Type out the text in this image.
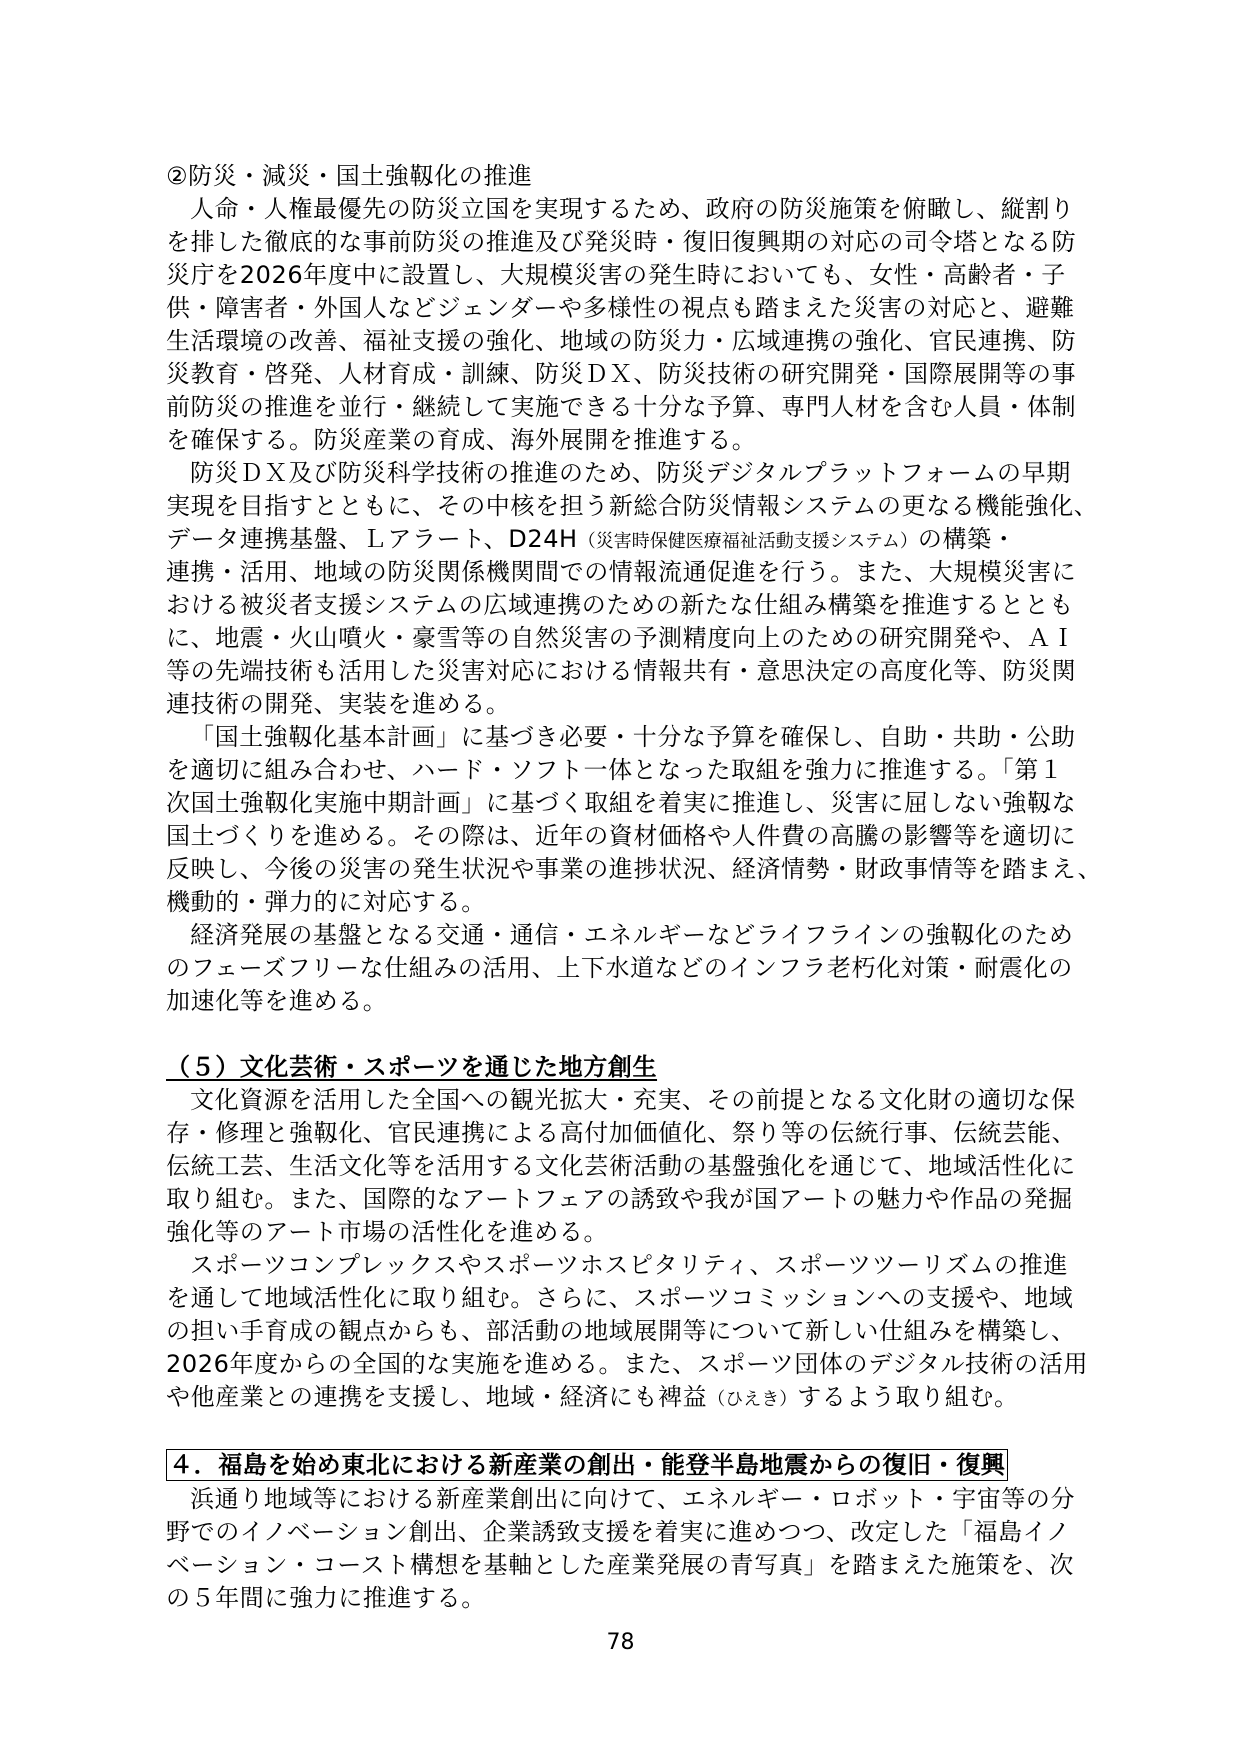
②防災・減災・国土強靱化の推進
人命・人権最優先の防災立国を実現するため、政府の防災施策を俯瞰し、縦割り
を排した徹底的な事前防災の推進及び発災時・復旧復興期の対応の司令塔となる防
災庁を2026年度中に設置し、大規模災害の発生時においても、女性・高齢者・子
供・障害者・外国人などジェンダーや多様性の視点も踏まえた災害の対応と、避難
生活環境の改善、福祉支援の強化、地域の防災力・広域連携の強化、官民連携、防
災教育・啓発、人材育成・訓練、防災ＤＸ、防災技術の研究開発・国際展開等の事
前防災の推進を並行・継続して実施できる十分な予算、専門人材を含む人員・体制
を確保する。防災産業の育成、海外展開を推進する。
防災ＤＸ及び防災科学技術の推進のため、防災デジタルプラットフォームの早期
実現を目指すとともに、その中核を担う新総合防災情報システムの更なる機能強化、
データ連携基盤、Ｌアラート、D24H（災害時保健医療福祉活動支援システム）の構築・
連携・活用、地域の防災関係機関間での情報流通促進を行う。また、大規模災害に
おける被災者支援システムの広域連携のための新たな仕組み構築を推進するととも
に、地震・火山噴火・豪雪等の自然災害の予測精度向上のための研究開発や、ＡＩ
等の先端技術も活用した災害対応における情報共有・意思決定の高度化等、防災関
連技術の開発、実装を進める。
「国土強靱化基本計画」に基づき必要・十分な予算を確保し、自助・共助・公助
を適切に組み合わせ、ハード・ソフト一体となった取組を強力に推進する。「第１
次国土強靱化実施中期計画」に基づく取組を着実に推進し、災害に屈しない強靱な
国土づくりを進める。その際は、近年の資材価格や人件費の高騰の影響等を適切に
反映し、今後の災害の発生状況や事業の進捗状況、経済情勢・財政事情等を踏まえ、
機動的・弾力的に対応する。
経済発展の基盤となる交通・通信・エネルギーなどライフラインの強靱化のため
のフェーズフリーな仕組みの活用、上下水道などのインフラ老朽化対策・耐震化の
加速化等を進める。
（５）文化芸術・スポーツを通じた地方創生
文化資源を活用した全国への観光拡大・充実、その前提となる文化財の適切な保
存・修理と強靱化、官民連携による高付加価値化、祭り等の伝統行事、伝統芸能、
伝統工芸、生活文化等を活用する文化芸術活動の基盤強化を通じて、地域活性化に
取り組む。また、国際的なアートフェアの誘致や我が国アートの魅力や作品の発掘
強化等のアート市場の活性化を進める。
スポーツコンプレックスやスポーツホスピタリティ、スポーツツーリズムの推進
を通して地域活性化に取り組む。さらに、スポーツコミッションへの支援や、地域
の担い手育成の観点からも、部活動の地域展開等について新しい仕組みを構築し、
2026年度からの全国的な実施を進める。また、スポーツ団体のデジタル技術の活用
や他産業との連携を支援し、地域・経済にも裨益（ひえき）するよう取り組む。
４．福島を始め東北における新産業の創出・能登半島地震からの復旧・復興
浜通り地域等における新産業創出に向けて、エネルギー・ロボット・宇宙等の分
野でのイノベーション創出、企業誘致支援を着実に進めつつ、改定した「福島イノ
ベーション・コースト構想を基軸とした産業発展の青写真」を踏まえた施策を、次
の５年間に強力に推進する。
78
